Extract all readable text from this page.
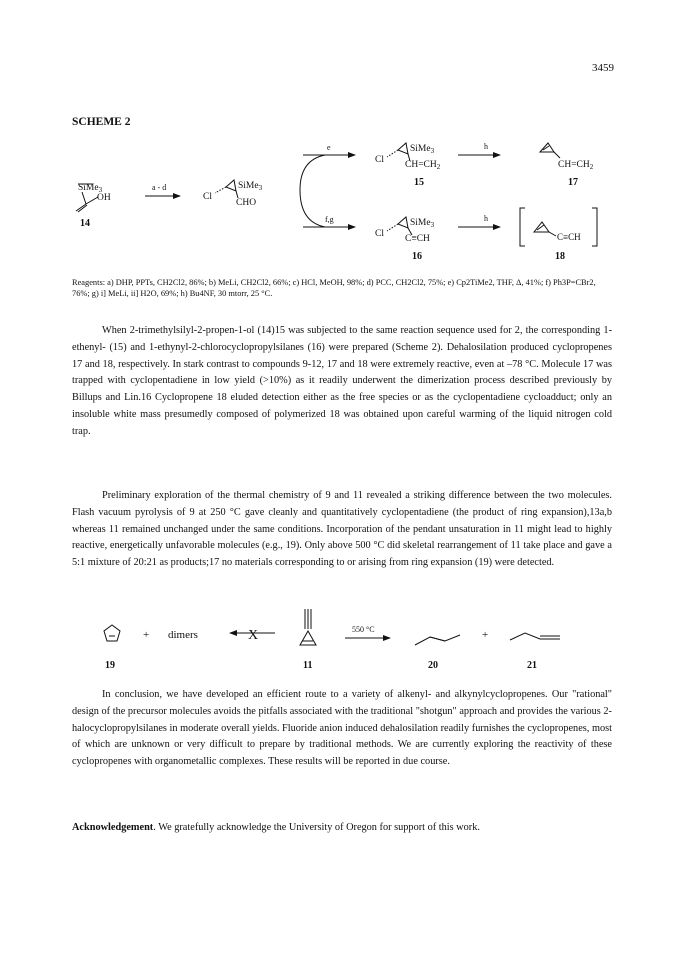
3459
SCHEME 2
SiMe$_3$
OH
14
a - d	SiMe$_3$
Cl
CHO
e
f,g
SiMe$_3$
Cl $CH=CH_2$
15
h
$CH=CH_2$
17
SiMe$_3$
Cl C≡CH
16
h
C≡CH
18
Reagents: a) DHP, PPTs, CH2Cl2, 86%; b) MeLi, CH2Cl2, 66%; c) HCl, MeOH, 98%; d) PCC, CH2Cl2, 75%; e) Cp2TiMe2, THF, Δ, 41%; f) Ph3P=CBr2, 76%; g) i] MeLi, ii] H2O, 69%; h) Bu4NF, 30 mtorr, 25 °C.

When 2-trimethylsilyl-2-propen-1-ol (14)15 was subjected to the same reaction sequence used for 2, the corresponding 1-ethenyl- (15) and 1-ethynyl-2-chlorocyclopropylsilanes (16) were prepared (Scheme 2). Dehalosilation produced cyclopropenes 17 and 18, respectively. In stark contrast to compounds 9-12, 17 and 18 were extremely reactive, even at –78 °C. Molecule 17 was trapped with cyclopentadiene in low yield (>10%) as it readily underwent the dimerization process described previously by Billups and Lin.16 Cyclopropene 18 eluded detection either as the free species or as the cyclopentadiene cycloadduct; only an insoluble white mass presumedly composed of polymerized 18 was obtained upon careful warming of the liquid nitrogen cold trap.

Preliminary exploration of the thermal chemistry of 9 and 11 revealed a striking difference between the two molecules. Flash vacuum pyrolysis of 9 at 250 °C gave cleanly and quantitatively cyclopentadiene (the product of ring expansion),13a,b whereas 11 remained unchanged under the same conditions. Incorporation of the pendant unsaturation in 11 might lead to highly reactive, energetically unfavorable molecules (e.g., 19). Only above 500 °C did skeletal rearrangement of 11 take place and gave a 5:1 mixture of 20:21 as products;17 no materials corresponding to or arising from ring expansion (19) were detected.

+ dimers	X	550 °C	+
19	11	20	21

In conclusion, we have developed an efficient route to a variety of alkenyl- and alkynylcyclopropenes. Our "rational" design of the precursor molecules avoids the pitfalls associated with the traditional "shotgun" approach and provides the various 2-halocyclopropylsilanes in moderate overall yields. Fluoride anion induced dehalosilation readily furnishes the cyclopropenes, most of which are unknown or very difficult to prepare by traditional methods. We are currently exploring the reactivity of these cyclopropenes with organometallic complexes. These results will be reported in due course.

Acknowledgement. We gratefully acknowledge the University of Oregon for support of this work.
